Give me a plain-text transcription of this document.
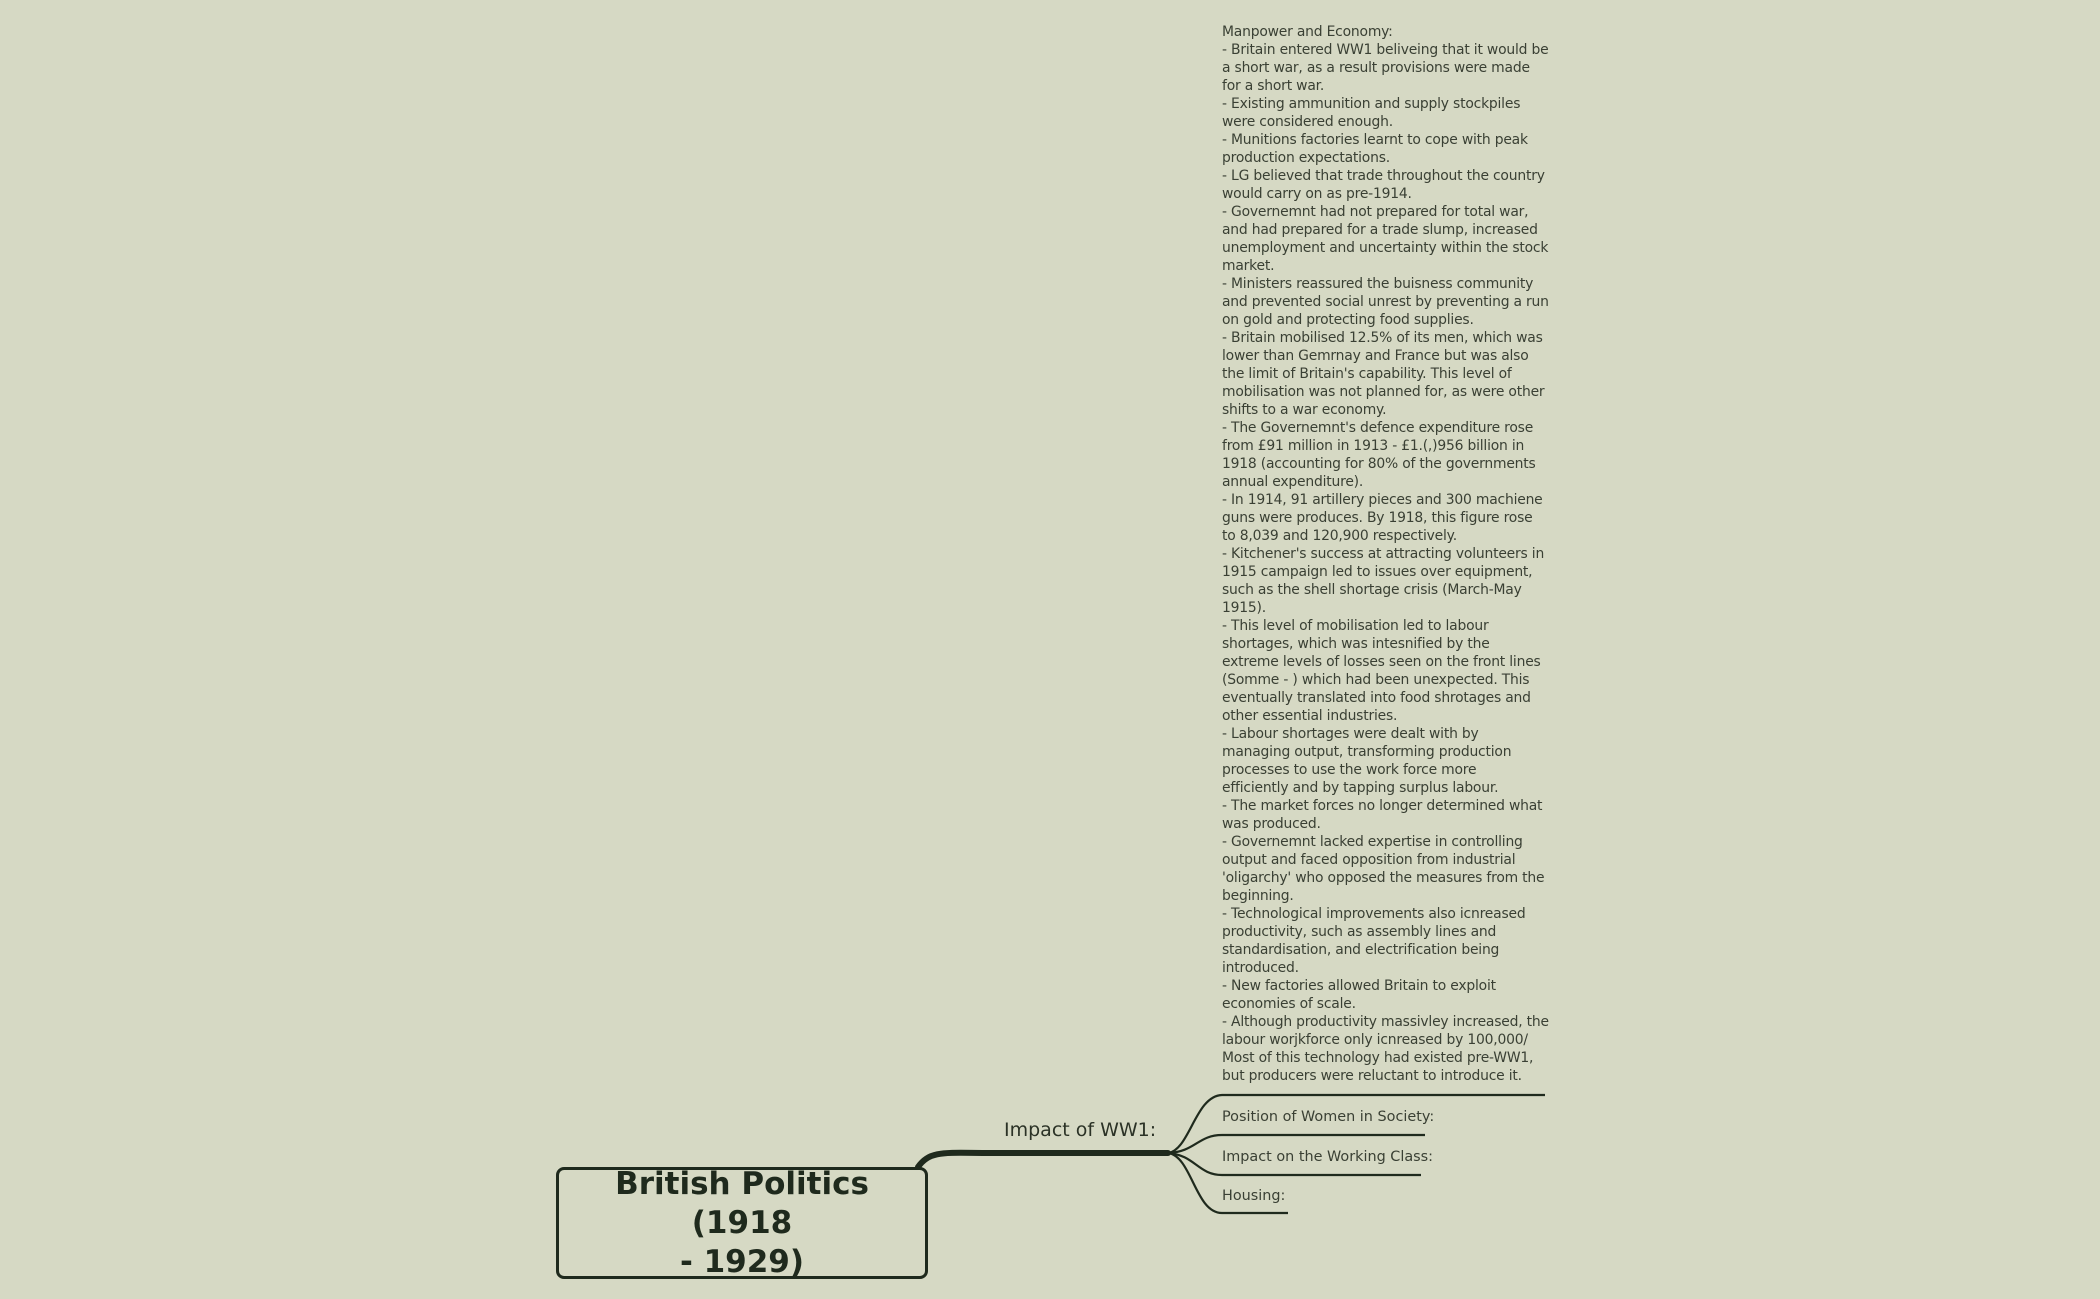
Manpower and Economy:
- Britain entered WW1 beliveing that it would be
a short war, as a result provisions were made
for a short war.
- Existing ammunition and supply stockpiles
were considered enough.
- Munitions factories learnt to cope with peak
production expectations.
- LG believed that trade throughout the country
would carry on as pre-1914.
- Governemnt had not prepared for total war,
and had prepared for a trade slump, increased
unemployment and uncertainty within the stock
market.
- Ministers reassured the buisness community
and prevented social unrest by preventing a run
on gold and protecting food supplies.
- Britain mobilised 12.5% of its men, which was
lower than Gemrnay and France but was also
the limit of Britain's capability. This level of
mobilisation was not planned for, as were other
shifts to a war economy.
- The Governemnt's defence expenditure rose
from £91 million in 1913 - £1.(,)956 billion in
1918 (accounting for 80% of the governments
annual expenditure).
- In 1914, 91 artillery pieces and 300 machiene
guns were produces. By 1918, this figure rose
to 8,039 and 120,900 respectively.
- Kitchener's success at attracting volunteers in
1915 campaign led to issues over equipment,
such as the shell shortage crisis (March-May
1915).
- This level of mobilisation led to labour
shortages, which was intesnified by the
extreme levels of losses seen on the front lines
(Somme - ) which had been unexpected. This
eventually translated into food shrotages and
other essential industries.
- Labour shortages were dealt with by
managing output, transforming production
processes to use the work force more
efficiently and by tapping surplus labour.
- The market forces no longer determined what
was produced.
- Governemnt lacked expertise in controlling
output and faced opposition from industrial
'oligarchy' who opposed the measures from the
beginning.
- Technological improvements also icnreased
productivity, such as assembly lines and
standardisation, and electrification being
introduced.
- New factories allowed Britain to exploit
economies of scale.
- Although productivity massivley increased, the
labour worjkforce only icnreased by 100,000/
Most of this technology had existed pre-WW1,
but producers were reluctant to introduce it.
Position of Women in Society:
Impact on the Working Class:
Housing:
Impact of WW1:
British Politics (1918
- 1929)
